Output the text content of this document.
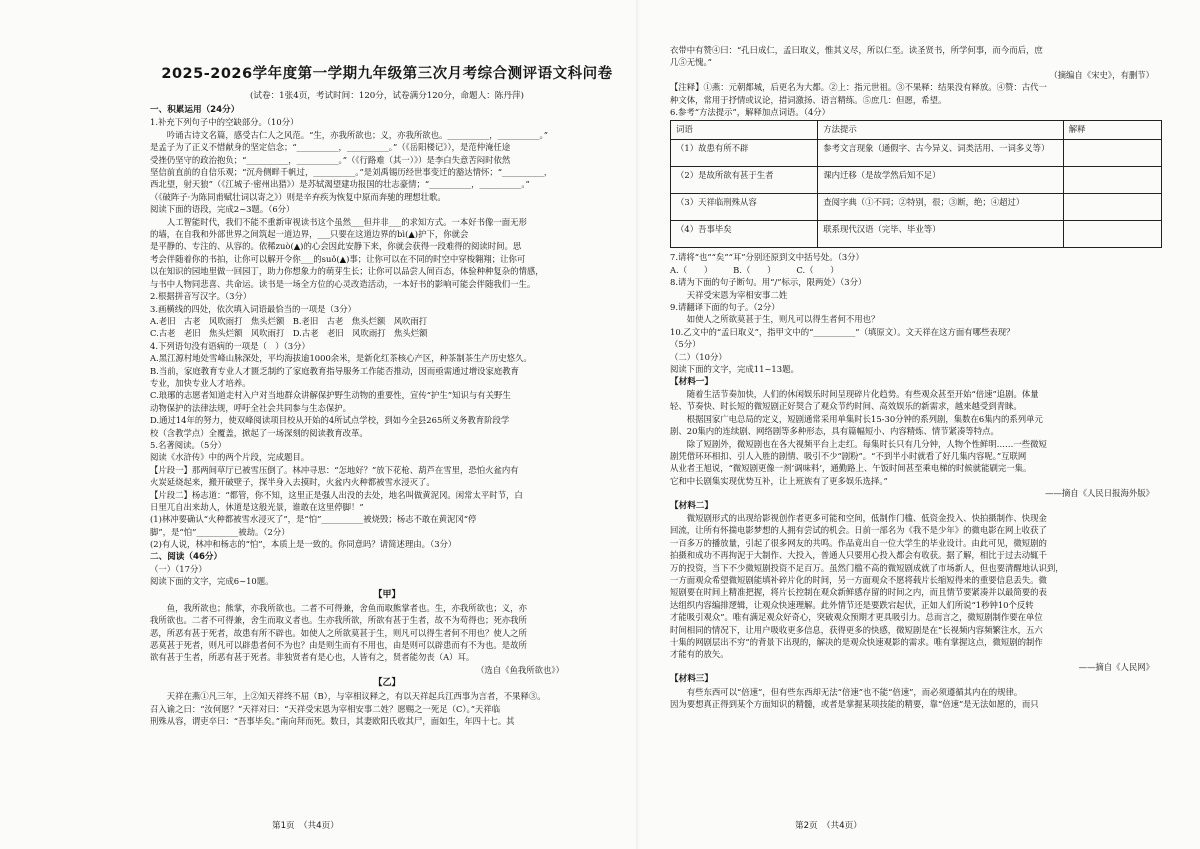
2025-2026学年度第一学期九年级第三次月考综合测评语文科问卷
(试卷：1张4页，考试时间：120分，试卷满分120分，命题人：陈丹萍)
一、积累运用（24分）
1.补充下列句子中的空缺部分。（10分）
　　吟诵古诗文名篇，感受古仁人之风范。“生，亦我所欲也；义，亦我所欲也。__________，__________。”
是孟子为了正义不惜献身的坚定信念；“__________，__________。”（《岳阳楼记》），是范仲淹任途
受挫仍坚守的政治抱负；“__________，__________。”（《行路难（其一）》）是李白失意苦闷时依然
坚信前直前的自信乐观；“沉舟侧畔千帆过，__________。”是刘禹锡历经世事变迁的豁达情怀；“__________，
西北望，射天狼”（《江城子·密州出猎》）是苏轼渴望建功报国的壮志豪情；“__________，__________。”
（《破阵子·为陈同甫赋壮词以寄之》）则是辛弃疾为恢复中原而奔驰的理想壮歌。
阅读下面的语段，完成2~3题。（6分）
　　人工智能时代，我们不能不重新审视读书这个虽然___但并非___的求知方式。一本好书像一面无形
的墙，在自我和外部世界之间筑起一道边界，___只要在这道边界的bì(▲)护下，你就会
是平静的、专注的、从容的。依稀zuò(▲)的心会因此安静下来，你就会获得一段难得的阅读时间。思
考会伴随着你的书拍，让你可以解开令你___的suǒ(▲)事；让你可以在不同的时空中穿梭翱翔；让你可
以在知识的园地里做一回园丁，助力你想象力的萌芽生长；让你可以品尝人间百态，体验种种复杂的情感，
与书中人物同悲喜、共命运。读书是一场全方位的心灵改造活动，一本好书的影响可能会伴随我们一生。
2.根据拼音写汉字。（3分）
3.画横线的四处，依次填入词语最恰当的一项是（3分）
A.老旧　古老　风吹雨打　焦头烂额　B.老旧　古老　焦头烂额　风吹雨打
C.古老　老旧　焦头烂额　风吹雨打　D.古老　老旧　风吹雨打　焦头烂额
4.下列语句没有语病的一项是（　）（3分）
A.黑江源村地处雪峰山脉深处，平均海拔逾1000余米，是新化红茶核心产区，种茶制茶生产历史悠久。
B.当前，家庭教育专业人才匮乏制约了家庭教育指导服务工作能否推动，因而亟需通过增设家庭教育
专业，加快专业人才培养。
C.琅琊的志愿者知道走村入户对当地群众讲解保护野生动物的重要性，宣传“护生”知识与有关野生
动物保护的法律法规，呼吁全社会共同参与生态保护。
D.通过14年的努力，使双峰阅读项目校从开始的4所试点学校，到如今全县265所义务教育阶段学
校（含教学点）全覆盖，掀起了一场深刻的阅读教育改革。
5.名著阅读。（5分）
阅读《水浒传》中的两个片段，完成题目。
【片段一】那两间草厅已被雪压倒了。林冲寻思：“怎地好？”放下花枪、葫芦在雪里，恐怕火盆内有
火炭延烧起来，搬开破壁子，探半身入去摸时，火盆内火种都被雪水浸灭了。
【片段二】杨志道：“都管，你不知，这里正是强人出没的去处，地名叫做黄泥冈。闲常太平时节，白
日里兀自出来劫人，休道是这般光景，谁敢在这里停脚！”
(1)林冲要确认“火种都被雪水浸灭了”，是“怕”__________被烧毁；杨志不敢在黄泥冈“停
脚”，是“怕”__________被劫。（2分）
(2)有人说，林冲和杨志的“怕”，本质上是一致的。你同意吗？请简述理由。（3分）
二、阅读（46分）
（一）（17分）
阅读下面的文字，完成6~10题。
【甲】
　　鱼，我所欲也；熊掌，亦我所欲也。二者不可得兼，舍鱼而取熊掌者也。生，亦我所欲也；义，亦
我所欲也。二者不可得兼，舍生而取义者也。生亦我所欲，所欲有甚于生者，故不为苟得也；死亦我所
恶，所恶有甚于死者，故患有所不辟也。如使人之所欲莫甚于生，则凡可以得生者何不用也？使人之所
恶莫甚于死者，则凡可以辟患者何不为也？由是则生而有不用也，由是则可以辟患而有不为也。是故所
欲有甚于生者，所恶有甚于死者。非独贤者有是心也，人皆有之，贤者能勿丧（A）耳。
（选自《鱼我所欲也》）
【乙】
　　天祥在燕①凡三年，上②知天祥终不屈（B），与宰相议释之，有以天祥起兵江西事为言者，不果释③。
召入谕之曰：“汝何愿？”天祥对曰：“天祥受宋恩为宰相安事二姓？愿赐之一死足（C）。”天祥临
刑殊从容，谓吏卒曰：“吾事毕矣。”南向拜而死。数日，其妻欧阳氏收其尸，面如生，年四十七。其
第1页　（共4页）
衣带中有赞④曰：“孔曰成仁，孟曰取义，惟其义尽，所以仁至。读圣贤书，所学何事，而今而后，庶
几⑤无愧。”
（摘编自《宋史》，有删节）
【注释】①燕：元朝都城，后更名为大都。②上：指元世祖。③不果释：结果没有释放。④赞：古代一
种文体，常用于抒情或议论，措词激扬、语言精练。⑤庶几：但愿，希望。
6.参考“方法提示”，解释加点词语。（4分）
词语	方法提示	解释
（1）故患有所不辟	参考文言现象（通假字、古今异义、词类活用、一词多义等）	
（2）是故所欲有甚于生者	课内迁移（是故学然后知不足）	
（3）天祥临刑殊从容	查阅字典（①不同；②特别，很；③断，绝；④超过）	
（4）吾事毕矣	联系现代汉语（完毕、毕业等）	
7.请将“也”“矣”“耳”分别还原到文中括号处。（3分）
A.（　　）　　　B.（　　）　　　C.（　　）
8.请为下面的句子断句。用“/”标示，限两处）（3分）
　　天祥受宋恩为宰相安事二姓
9.请翻译下面的句子。（2分）
　　如使人之所欲莫甚于生，则凡可以得生者何不用也？
10.乙文中的“孟曰取义”，指甲文中的“__________”（填原文）。文天祥在这方面有哪些表现？
（5分）
（二）（10分）
阅读下面的文字，完成11~13题。
【材料一】
　　随着生活节奏加快，人们的休闲娱乐时间呈现碎片化趋势。有些观众甚至开始“倍速”追剧。体量
轻、节奏快、时长短的微短剧正好契合了观众节约时间、高效娱乐的新需求，越来越受到青睐。
　　根据国家广电总局的定义，短剧通常采用单集时长15-30分钟的系列剧，集数在6集内的系列单元
剧、20集内的连续剧、网络剧等多种形态，具有篇幅短小、内容精炼、情节紧凑等特点。
　　除了短剧外，微短剧也在各大视频平台上走红。每集时长只有几分钟，人物个性鲜明……一些微短
剧凭借环环相扣、引人入胜的剧情、吸引不少“剧粉”。“不到半小时就看了好几集内容呢。”互联网
从业者王旭说，“微短剧更像一剂‘调味料’，通勤路上、午饭时间甚至乘电梯的时候就能刷完一集。
它和中长剧集实现优势互补，让上班族有了更多娱乐选择。”
——摘自《人民日报海外版》
【材料二】
　　微短剧形式的出现给影视创作者更多可能和空间，低制作门槛、低资金投入、快拍摄制作、快现金
回流，让所有怀揣电影梦想的人拥有尝试的机会。日前一部名为《我不是少年》的微电影在网上收获了
一百多万的播放量，引起了很多网友的共鸣。作品竟出自一位大学生的毕业设计。由此可见，微短剧的
拍摄和成功不再拘泥于大制作、大投入，普通人只要用心投入都会有收获。据了解，相比于过去动辄千
万的投资，当下不少微短剧投资不足百万。虽然门槛不高的微短剧成就了市场新人，但也要清醒地认识到，
一方面观众希望微短剧能填补碎片化的时间，另一方面观众不愿将载片长缩短得来的重要信息丢失。微
短剧要在时间上精准把握，将片长控制在观众新鲜感存留的时间之内，而且情节要紧凑并以最简要的表
达组织内容编排逻辑，让观众快速理解。此外情节还是要跌宕起伏，正如人们所说“1秒钟10个反转
才能吸引观众”。唯有满足观众好奇心，突破观众预期才更具吸引力。总而言之，微短剧制作要在单位
时间相同的情况下，让用户吸收更多信息，获得更多的快感，微短剧是在“长视频内容频繁注水，五六
十集的网剧层出不穷”的背景下出现的，解决的是观众快速观影的需求。唯有掌握这点，微短剧的制作
才能有的放矢。
——摘自《人民网》
【材料三】
　　有些东西可以“倍速”，但有些东西却无法“倍速”也不能“倍速”，而必须遵循其内在的规律。
因为要想真正得到某个方面知识的精髓，或者是掌握某项技能的精要，靠“倍速”是无法如愿的，而只
第2页　（共4页）
